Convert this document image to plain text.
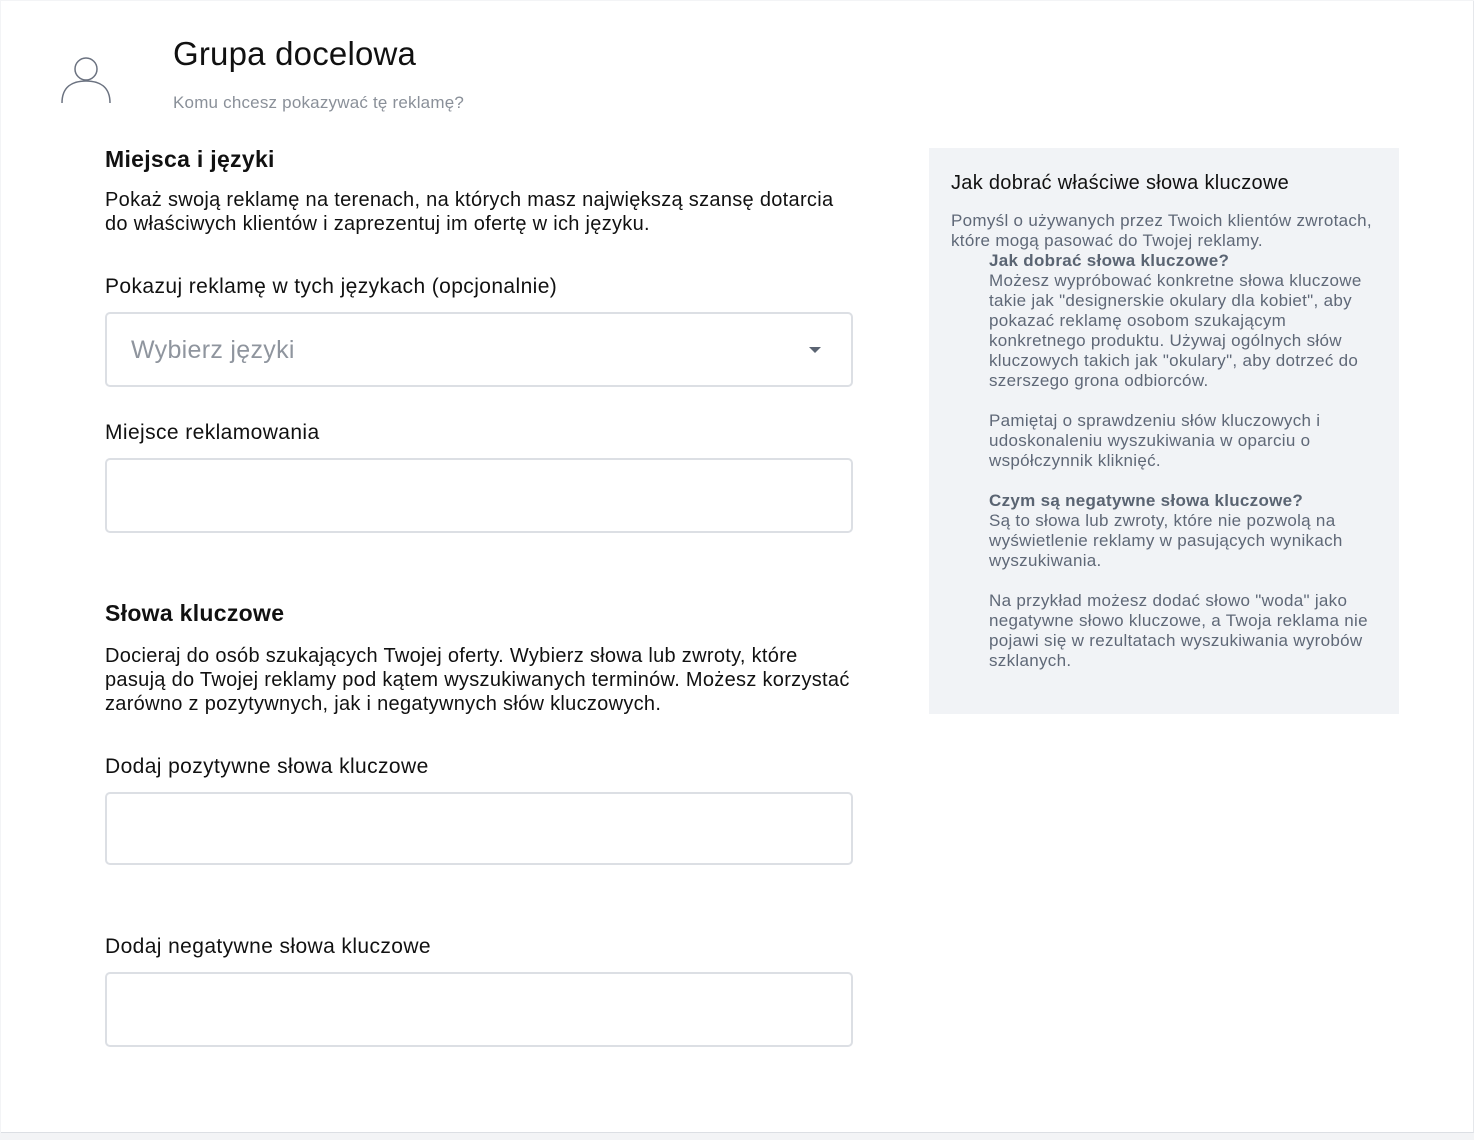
Grupa docelowa

Komu chcesz pokazywać tę reklamę?

Miejsca i języki

Pokaż swoją reklamę na terenach, na których masz największą szansę dotarcia do właściwych klientów i zaprezentuj im ofertę w ich języku.

Pokazuj reklamę w tych językach (opcjonalnie)
Wybierz języki
Miejsce reklamowania
Słowa kluczowe

Docieraj do osób szukających Twojej oferty. Wybierz słowa lub zwroty, które pasują do Twojej reklamy pod kątem wyszukiwanych terminów. Możesz korzystać zarówno z pozytywnych, jak i negatywnych słów kluczowych.

Dodaj pozytywne słowa kluczowe
Dodaj negatywne słowa kluczowe
Jak dobrać właściwe słowa kluczowe

Pomyśl o używanych przez Twoich klientów zwrotach, które mogą pasować do Twojej reklamy.

Jak dobrać słowa kluczowe?

Możesz wypróbować konkretne słowa kluczowe takie jak "designerskie okulary dla kobiet", aby pokazać reklamę osobom szukającym konkretnego produktu. Używaj ogólnych słów kluczowych takich jak "okulary", aby dotrzeć do szerszego grona odbiorców.

Pamiętaj o sprawdzeniu słów kluczowych i udoskonaleniu wyszukiwania w oparciu o współczynnik kliknięć.

Czym są negatywne słowa kluczowe?

Są to słowa lub zwroty, które nie pozwolą na wyświetlenie reklamy w pasujących wynikach wyszukiwania.

Na przykład możesz dodać słowo "woda" jako negatywne słowo kluczowe, a Twoja reklama nie pojawi się w rezultatach wyszukiwania wyrobów szklanych.
